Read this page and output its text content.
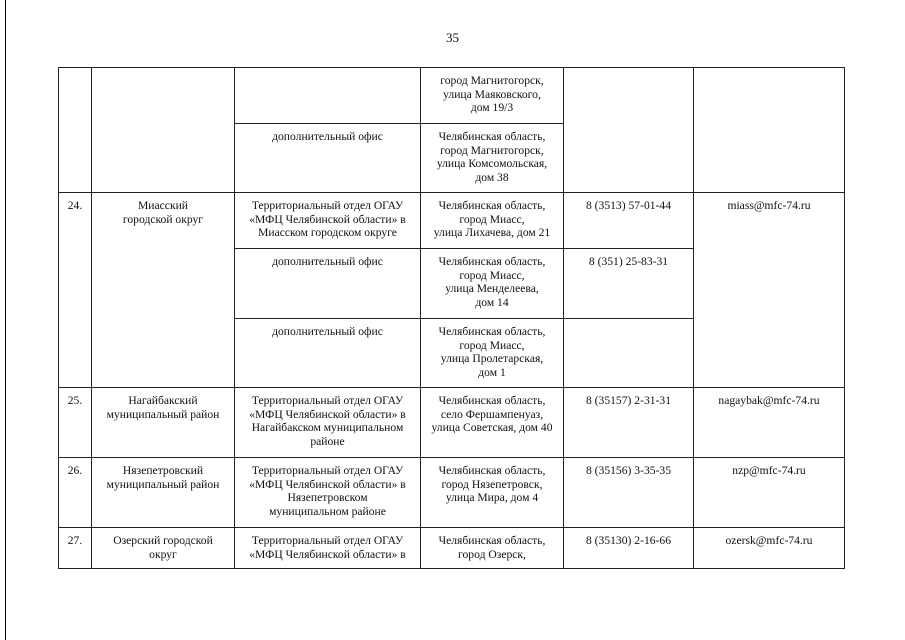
35

			город Магнитогорск,
улица Маяковского,
дом 19/3		

		дополнительный офис	Челябинская область,
город Магнитогорск,
улица Комсомольская,
дом 38		

24.	Миасский
городской округ	Территориальный отдел ОГАУ
«МФЦ Челябинской области» в
Миасском городском округе	Челябинская область,
город Миасс,
улица Лихачева, дом 21	8 (3513) 57-01-44	miass@mfc-74.ru

		дополнительный офис	Челябинская область,
город Миасс,
улица Менделеева,
дом 14	8 (351) 25-83-31	

		дополнительный офис	Челябинская область,
город Миасс,
улица Пролетарская,
дом 1		

25.	Нагайбакский
муниципальный район	Территориальный отдел ОГАУ
«МФЦ Челябинской области» в
Нагайбакском муниципальном
районе	Челябинская область,
село Фершампенуаз,
улица Советская, дом 40	8 (35157) 2-31-31	nagaybak@mfc-74.ru
26.	Нязепетровский
муниципальный район	Территориальный отдел ОГАУ
«МФЦ Челябинской области» в
Нязепетровском
муниципальном районе	Челябинская область,
город Нязепетровск,
улица Мира, дом 4	8 (35156) 3-35-35	nzp@mfc-74.ru
27.	Озерский городской
округ	Территориальный отдел ОГАУ
«МФЦ Челябинской области» в	Челябинская область,
город Озерск,	8 (35130) 2-16-66	ozersk@mfc-74.ru
